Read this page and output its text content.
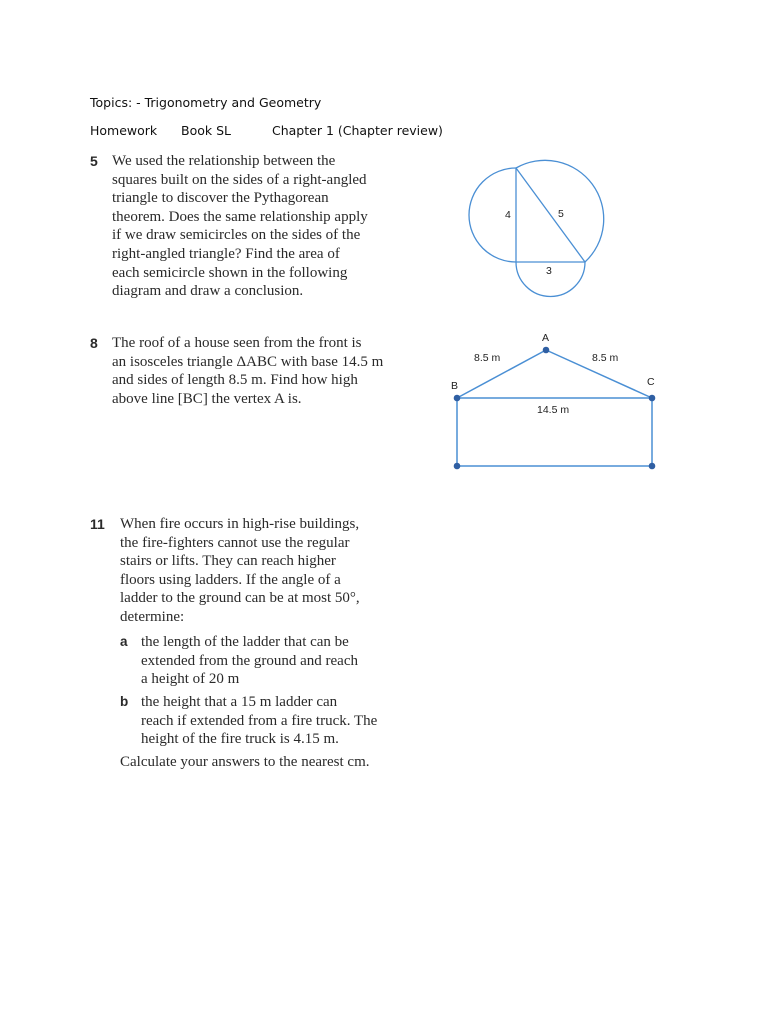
Topics: - Trigonometry and Geometry
Homework Book SL	Chapter 1 (Chapter review)
5 We used the relationship between the
squares built on the sides of a right-angled
triangle to discover the Pythagorean
theorem. Does the same relationship apply
if we draw semicircles on the sides of the
right-angled triangle? Find the area of
each semicircle shown in the following
diagram and draw a conclusion.
4	5
3
8 The roof of a house seen from the front is
an isosceles triangle ΔABC with base 14.5 m
and sides of length 8.5 m. Find how high
above line [BC] the vertex A is.
A
B	C
8.5 m	8.5 m
14.5 m
11 When fire occurs in high-rise buildings,
the fire-fighters cannot use the regular
stairs or lifts. They can reach higher
floors using ladders. If the angle of a
ladder to the ground can be at most 50°,
determine:
a the length of the ladder that can be
extended from the ground and reach
a height of 20 m
b the height that a 15 m ladder can
reach if extended from a fire truck. The
height of the fire truck is 4.15 m.
Calculate your answers to the nearest cm.
